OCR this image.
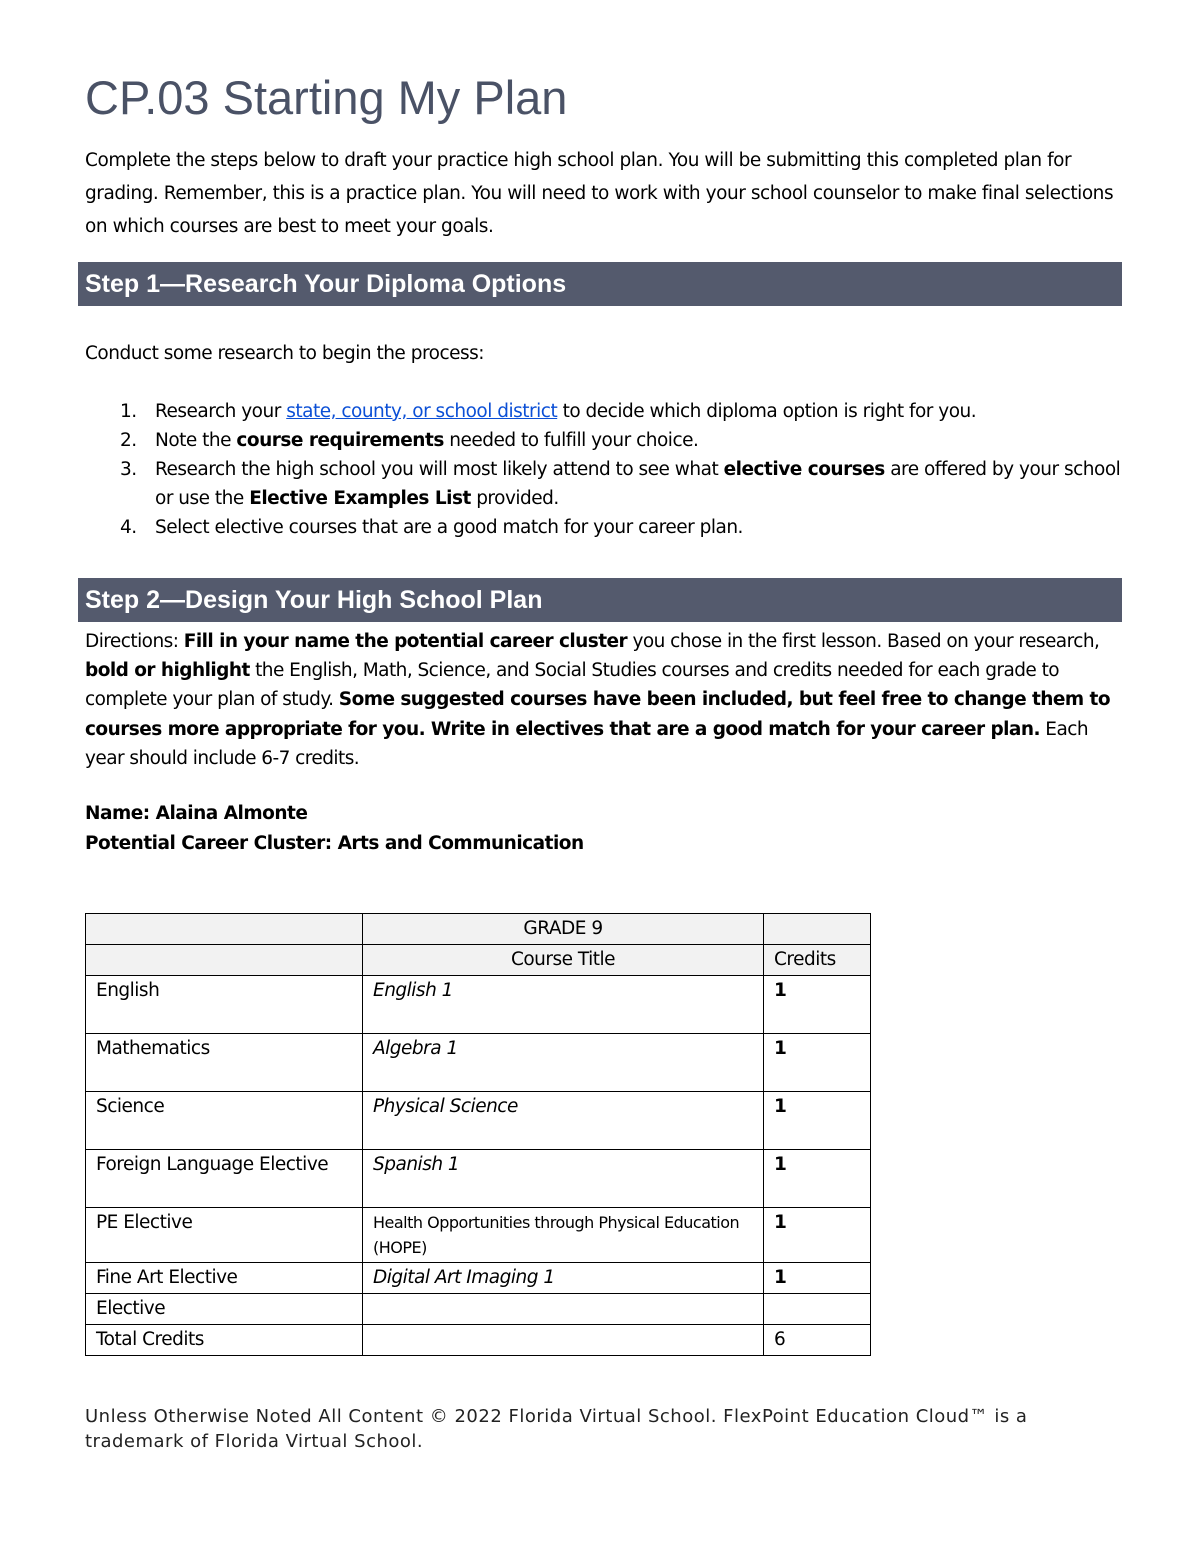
CP.03 Starting My Plan
Complete the steps below to draft your practice high school plan. You will be submitting this completed plan for grading. Remember, this is a practice plan. You will need to work with your school counselor to make final selections on which courses are best to meet your goals.
Step 1—Research Your Diploma Options
Conduct some research to begin the process:
1. Research your state, county, or school district to decide which diploma option is right for you.
2. Note the course requirements needed to fulfill your choice.
3. Research the high school you will most likely attend to see what elective courses are offered by your school or use the Elective Examples List provided.
4. Select elective courses that are a good match for your career plan.
Step 2—Design Your High School Plan
Directions: Fill in your name the potential career cluster you chose in the first lesson. Based on your research, bold or highlight the English, Math, Science, and Social Studies courses and credits needed for each grade to complete your plan of study. Some suggested courses have been included, but feel free to change them to courses more appropriate for you. Write in electives that are a good match for your career plan. Each year should include 6-7 credits.
Name: Alaina Almonte
Potential Career Cluster: Arts and Communication
	GRADE 9	
	Course Title	Credits
English	English 1	1
Mathematics	Algebra 1	1
Science	Physical Science	1
Foreign Language Elective	Spanish 1	1
PE Elective	Health Opportunities through Physical Education (HOPE)	1
Fine Art Elective	Digital Art Imaging 1	1
Elective		
Total Credits		6
Unless Otherwise Noted All Content © 2022 Florida Virtual School. FlexPoint Education Cloud™ is a trademark of Florida Virtual School.
